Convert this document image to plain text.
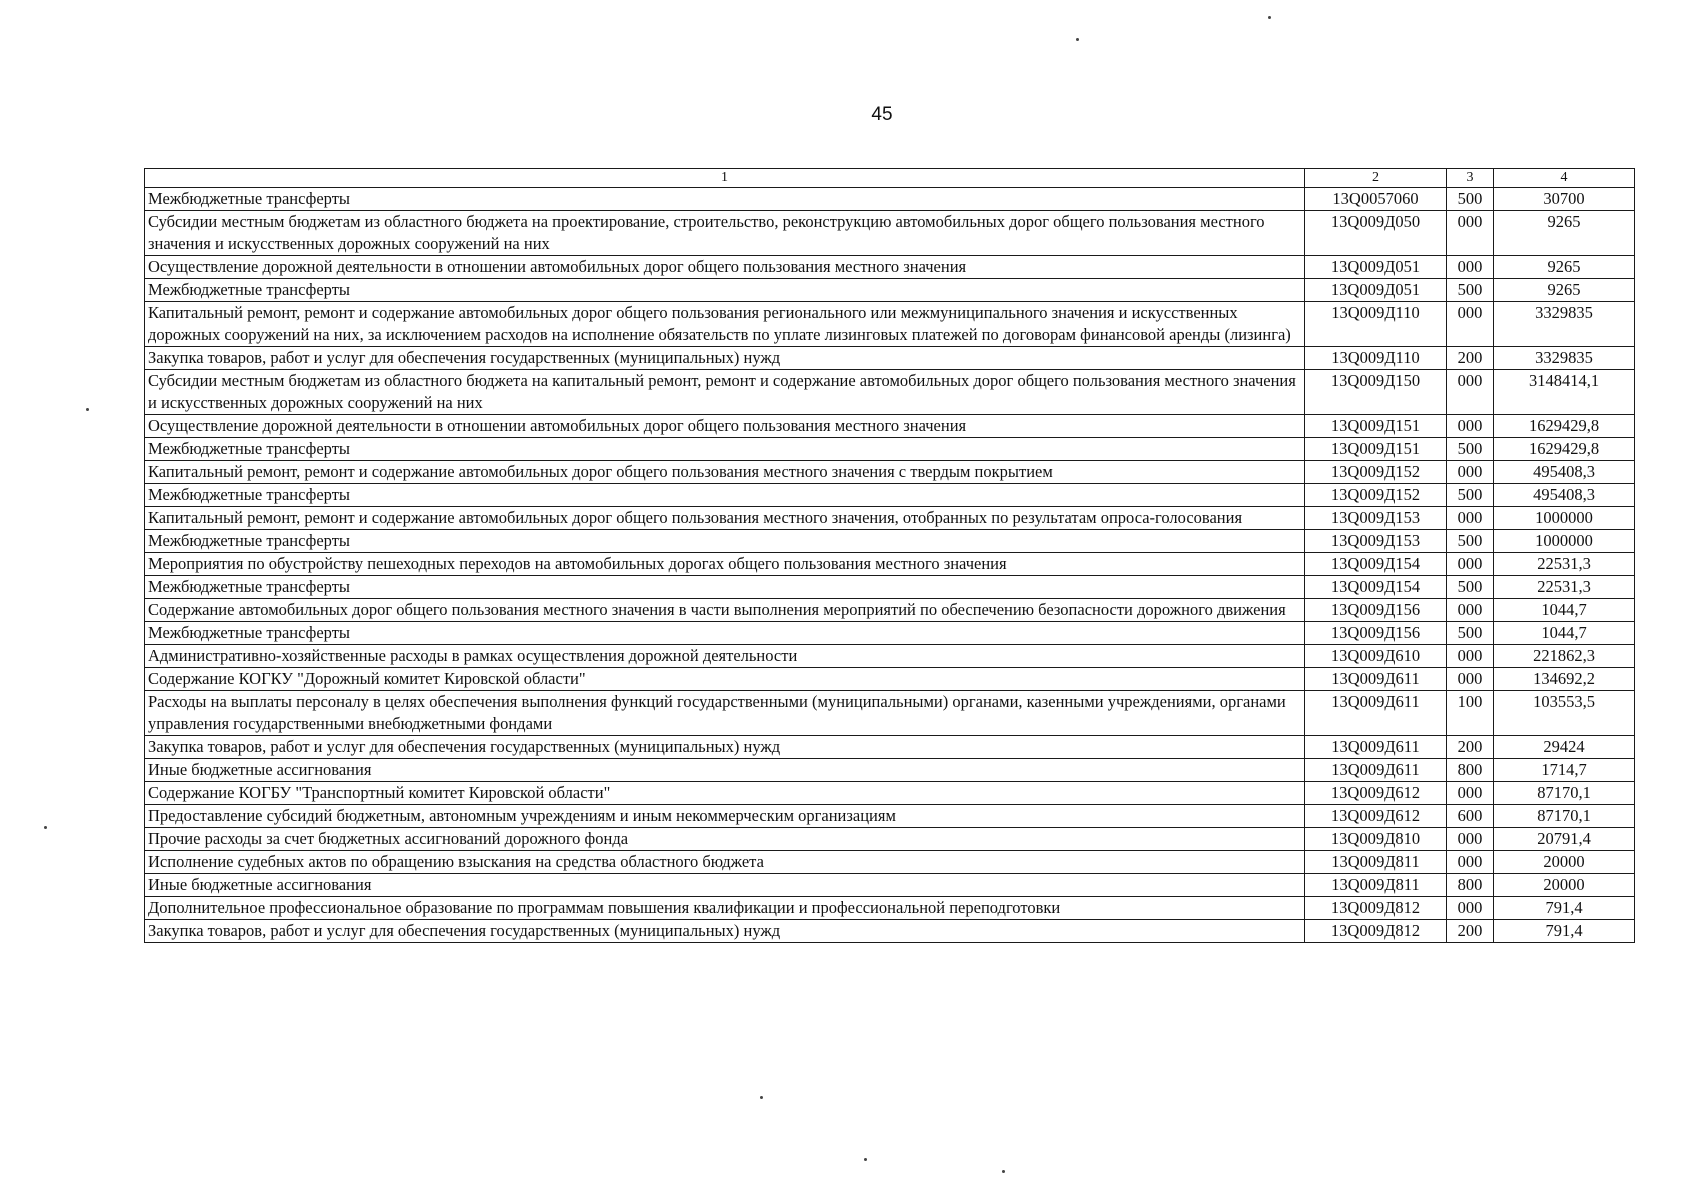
45
1	2	3	4
Межбюджетные трансферты	13Q0057060	500	30700
Субсидии местным бюджетам из областного бюджета на проектирование, строительство, реконструкцию автомобильных дорог общего пользования местного значения и искусственных дорожных сооружений на них	13Q009Д050	000	9265
Осуществление дорожной деятельности в отношении автомобильных дорог общего пользования местного значения	13Q009Д051	000	9265
Межбюджетные трансферты	13Q009Д051	500	9265
Капитальный ремонт, ремонт и содержание автомобильных дорог общего пользования регионального или межмуниципального значения и искусственных дорожных сооружений на них, за исключением расходов на исполнение обязательств по уплате лизинговых платежей по договорам финансовой аренды (лизинга)	13Q009Д110	000	3329835
Закупка товаров, работ и услуг для обеспечения государственных (муниципальных) нужд	13Q009Д110	200	3329835
Субсидии местным бюджетам из областного бюджета на капитальный ремонт, ремонт и содержание автомобильных дорог общего пользования местного значения и искусственных дорожных сооружений на них	13Q009Д150	000	3148414,1
Осуществление дорожной деятельности в отношении автомобильных дорог общего пользования местного значения	13Q009Д151	000	1629429,8
Межбюджетные трансферты	13Q009Д151	500	1629429,8
Капитальный ремонт, ремонт и содержание автомобильных дорог общего пользования местного значения с твердым покрытием	13Q009Д152	000	495408,3
Межбюджетные трансферты	13Q009Д152	500	495408,3
Капитальный ремонт, ремонт и содержание автомобильных дорог общего пользования местного значения, отобранных по результатам опроса-голосования	13Q009Д153	000	1000000
Межбюджетные трансферты	13Q009Д153	500	1000000
Мероприятия по обустройству пешеходных переходов на автомобильных дорогах общего пользования местного значения	13Q009Д154	000	22531,3
Межбюджетные трансферты	13Q009Д154	500	22531,3
Содержание автомобильных дорог общего пользования местного значения в части выполнения мероприятий по обеспечению безопасности дорожного движения	13Q009Д156	000	1044,7
Межбюджетные трансферты	13Q009Д156	500	1044,7
Административно-хозяйственные расходы в рамках осуществления дорожной деятельности	13Q009Д610	000	221862,3
Содержание КОГКУ "Дорожный комитет Кировской области"	13Q009Д611	000	134692,2
Расходы на выплаты персоналу в целях обеспечения выполнения функций государственными (муниципальными) органами, казенными учреждениями, органами управления государственными внебюджетными фондами	13Q009Д611	100	103553,5
Закупка товаров, работ и услуг для обеспечения государственных (муниципальных) нужд	13Q009Д611	200	29424
Иные бюджетные ассигнования	13Q009Д611	800	1714,7
Содержание КОГБУ "Транспортный комитет Кировской области"	13Q009Д612	000	87170,1
Предоставление субсидий бюджетным, автономным учреждениям и иным некоммерческим организациям	13Q009Д612	600	87170,1
Прочие расходы за счет бюджетных ассигнований дорожного фонда	13Q009Д810	000	20791,4
Исполнение судебных актов по обращению взыскания на средства областного бюджета	13Q009Д811	000	20000
Иные бюджетные ассигнования	13Q009Д811	800	20000
Дополнительное профессиональное образование по программам повышения квалификации и профессиональной переподготовки	13Q009Д812	000	791,4
Закупка товаров, работ и услуг для обеспечения государственных (муниципальных) нужд	13Q009Д812	200	791,4
